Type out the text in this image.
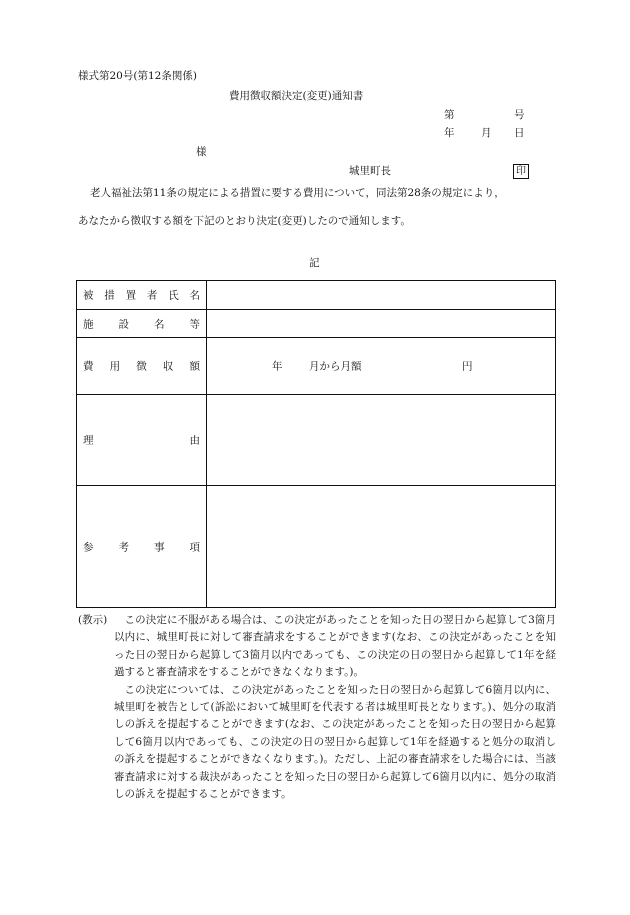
様式第20号(第12条関係)
費用徴収額決定(変更)通知書
第	号
年	月 日
様
城里町長	印
老人福祉法第11条の規定による措置に要する費用について，同法第28条の規定により，
あなたから徴収する額を下記のとおり決定(変更)したので通知します。
記
被 措 置 者 氏 名
施 設 名 等
費 用 徴 収 額	年	月から月額	円
理	由
参 考 事 項
(教示)	この決定に不服がある場合は、この決定があったことを知った日の翌日から起算して3箇月以内に、城里町長に対して審査請求をすることができます(なお、この決定があったことを知った日の翌日から起算して3箇月以内であっても、この決定の日の翌日から起算して1年を経過すると審査請求をすることができなくなります。)。

この決定については、この決定があったことを知った日の翌日から起算して6箇月以内に、城里町を被告として(訴訟において城里町を代表する者は城里町長となります。)、処分の取消しの訴えを提起することができます(なお、この決定があったことを知った日の翌日から起算して6箇月以内であっても、この決定の日の翌日から起算して1年を経過すると処分の取消しの訴えを提起することができなくなります。)。ただし、上記の審査請求をした場合には、当該審査請求に対する裁決があったことを知った日の翌日から起算して6箇月以内に、処分の取消しの訴えを提起することができます。
